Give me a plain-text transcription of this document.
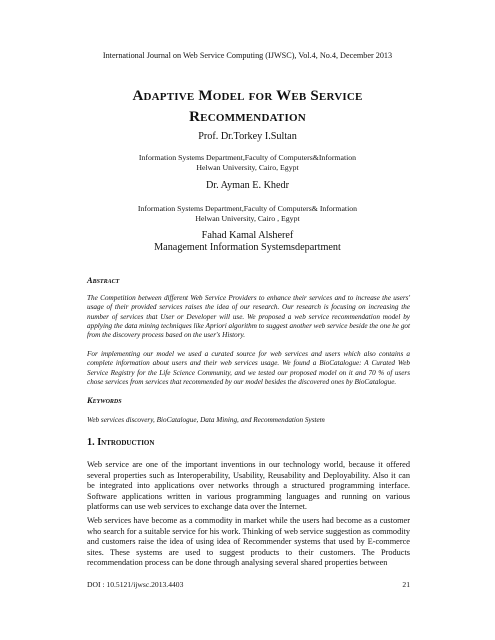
International Journal on Web Service Computing (IJWSC), Vol.4, No.4, December 2013
Adaptive Model for Web Service
Recommendation
Prof. Dr.Torkey I.Sultan
Information Systems Department,Faculty of Computers&Information
Helwan University, Cairo, Egypt
Dr. Ayman E. Khedr
Information Systems Department,Faculty of Computers& Information
Helwan University, Cairo , Egypt
Fahad Kamal Alsheref
Management Information Systemsdepartment
Abstract
The Competition between different Web Service Providers to enhance their services and to increase the users' usage of their provided services raises the idea of our research. Our research is focusing on increasing the number of services that User or Developer will use. We proposed a web service recommendation model by applying the data mining techniques like Apriori algorithm to suggest another web service beside the one he got from the discovery process based on the user's History.
For implementing our model we used a curated source for web services and users which also contains a complete information about users and their web services usage. We found a BioCatalogue: A Curated Web Service Registry for the Life Science Community, and we tested our proposed model on it and 70 % of users chose services from services that recommended by our model besides the discovered ones by BioCatalogue.
Keywords
Web services discovery, BioCatalogue, Data Mining, and Recommendation System
1. Introduction
Web service are one of the important inventions in our technology world, because it offered several properties such as Interoperability, Usability, Reusability and Deployability. Also it can be integrated into applications over networks through a structured programming interface. Software applications written in various programming languages and running on various platforms can use web services to exchange data over the Internet.
Web services have become as a commodity in market while the users had become as a customer who search for a suitable service for his work. Thinking of web service suggestion as commodity and customers raise the idea of using idea of Recommender systems that used by E-commerce sites. These systems are used to suggest products to their customers. The Products recommendation process can be done through analysing several shared properties between
DOI : 10.5121/ijwsc.2013.4403	21
